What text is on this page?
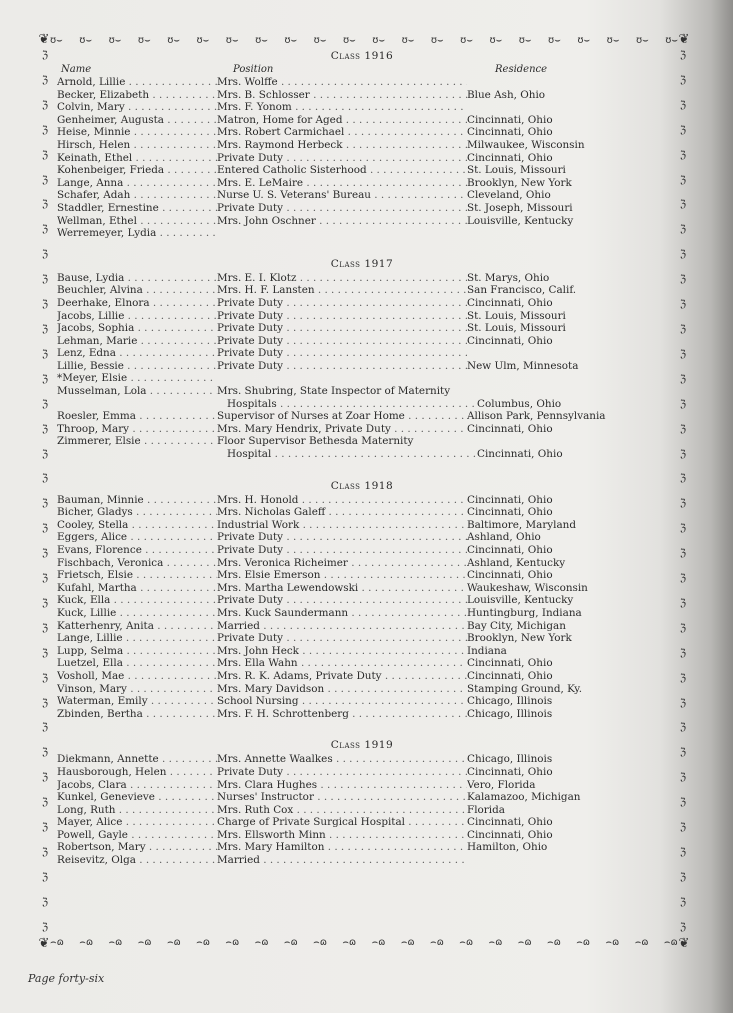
❦	❦
❦	❦
ʊ⌣ ʊ⌣ ʊ⌣ ʊ⌣ ʊ⌣ ʊ⌣ ʊ⌣ ʊ⌣ ʊ⌣ ʊ⌣ ʊ⌣ ʊ⌣ ʊ⌣ ʊ⌣ ʊ⌣ ʊ⌣ ʊ⌣ ʊ⌣ ʊ⌣ ʊ⌣ ʊ⌣ ʊ⌣
⌢ɷ ⌢ɷ ⌢ɷ ⌢ɷ ⌢ɷ ⌢ɷ ⌢ɷ ⌢ɷ ⌢ɷ ⌢ɷ ⌢ɷ ⌢ɷ ⌢ɷ ⌢ɷ ⌢ɷ ⌢ɷ ⌢ɷ ⌢ɷ ⌢ɷ ⌢ɷ ⌢ɷ ⌢ɷ
ℨ
ℨ
ℨ
ℨ
ℨ
ℨ
ℨ
ℨ
ℨ
ℨ
ℨ
ℨ
ℨ
ℨ
ℨ
ℨ
ℨ
ℨ
ℨ
ℨ
ℨ
ℨ
ℨ
ℨ
ℨ
ℨ
ℨ
ℨ
ℨ
ℨ
ℨ
ℨ
ℨ
ℨ
ℨ
ℨ
ℨ
ℨ
ℨ
ℨ
ℨ
ℨ
ℨ
ℨ
ℨ
ℨ
ℨ
ℨ
ℨ
ℨ
ℨ
ℨ
ℨ
ℨ
ℨ
ℨ
ℨ
ℨ
ℨ
ℨ
ℨ
ℨ
ℨ
ℨ
ℨ
ℨ
ℨ
ℨ
ℨ
ℨ
ℨ
ℨ
Class 1916
Name	Position	Residence
Arnold, Lillie . . .	Mrs. Wolffe . . .
Becker, Elizabeth . . .	Mrs. B. Schlosser . . .	Blue Ash, Ohio
Colvin, Mary . . .	Mrs. F. Yonom . . .
Genheimer, Augusta . . .	Matron, Home for Aged . . .	Cincinnati, Ohio
Heise, Minnie . . .	Mrs. Robert Carmichael . . .	Cincinnati, Ohio
Hirsch, Helen . . .	Mrs. Raymond Herbeck . . .	Milwaukee, Wisconsin
Keinath, Ethel . . .	Private Duty . . .	Cincinnati, Ohio
Kohenbeiger, Frieda . . .	Entered Catholic Sisterhood . . .	St. Louis, Missouri
Lange, Anna . . .	Mrs. E. LeMaire . . .	Brooklyn, New York
Schafer, Adah . . .	Nurse U. S. Veterans' Bureau . . .	Cleveland, Ohio
Staddler, Ernestine . . .	Private Duty . . .	St. Joseph, Missouri
Wellman, Ethel . . .	Mrs. John Oschner . . .	Louisville, Kentucky
Werremeyer, Lydia . . .
Class 1917
Bause, Lydia . . .	Mrs. E. I. Klotz . . .	St. Marys, Ohio
Beuchler, Alvina . . .	Mrs. H. F. Lansten . . .	San Francisco, Calif.
Deerhake, Elnora . . .	Private Duty . . .	Cincinnati, Ohio
Jacobs, Lillie . . .	Private Duty . . .	St. Louis, Missouri
Jacobs, Sophia . . .	Private Duty . . .	St. Louis, Missouri
Lehman, Marie . . .	Private Duty . . .	Cincinnati, Ohio
Lenz, Edna . . .	Private Duty . . .
Lillie, Bessie . . .	Private Duty . . .	New Ulm, Minnesota
*Meyer, Elsie . . .
Musselman, Lola . . .	Mrs. Shubring, State Inspector of Maternity
Hospitals . . .	Columbus, Ohio
Roesler, Emma . . .	Supervisor of Nurses at Zoar Home . . .	Allison Park, Pennsylvania
Throop, Mary . . .	Mrs. Mary Hendrix, Private Duty . . .	Cincinnati, Ohio
Zimmerer, Elsie . . .	Floor Supervisor Bethesda Maternity
Hospital . . .	Cincinnati, Ohio
Class 1918
Bauman, Minnie . . .	Mrs. H. Honold . . .	Cincinnati, Ohio
Bicher, Gladys . . .	Mrs. Nicholas Galeff . . .	Cincinnati, Ohio
Cooley, Stella . . .	Industrial Work . . .	Baltimore, Maryland
Eggers, Alice . . .	Private Duty . . .	Ashland, Ohio
Evans, Florence . . .	Private Duty . . .	Cincinnati, Ohio
Fischbach, Veronica . . .	Mrs. Veronica Richeimer . . .	Ashland, Kentucky
Frietsch, Elsie . . .	Mrs. Elsie Emerson . . .	Cincinnati, Ohio
Kufahl, Martha . . .	Mrs. Martha Lewendowski . . .	Waukeshaw, Wisconsin
Kuck, Ella . . .	Private Duty . . .	Louisville, Kentucky
Kuck, Lillie . . .	Mrs. Kuck Saundermann . . .	Huntingburg, Indiana
Katterhenry, Anita . . .	Married . . .	Bay City, Michigan
Lange, Lillie . . .	Private Duty . . .	Brooklyn, New York
Lupp, Selma . . .	Mrs. John Heck . . .	Indiana
Luetzel, Ella . . .	Mrs. Ella Wahn . . .	Cincinnati, Ohio
Vosholl, Mae . . .	Mrs. R. K. Adams, Private Duty . . .	Cincinnati, Ohio
Vinson, Mary . . .	Mrs. Mary Davidson . . .	Stamping Ground, Ky.
Waterman, Emily . . .	School Nursing . . .	Chicago, Illinois
Zbinden, Bertha . . .	Mrs. F. H. Schrottenberg . . .	Chicago, Illinois
Class 1919
Diekmann, Annette . . .	Mrs. Annette Waalkes . . .	Chicago, Illinois
Hausborough, Helen . . .	Private Duty . . .	Cincinnati, Ohio
Jacobs, Clara . . .	Mrs. Clara Hughes . . .	Vero, Florida
Kunkel, Genevieve . . .	Nurses' Instructor . . .	Kalamazoo, Michigan
Long, Ruth . . .	Mrs. Ruth Cox . . .	Florida
Mayer, Alice . . .	Charge of Private Surgical Hospital . . .	Cincinnati, Ohio
Powell, Gayle . . .	Mrs. Ellsworth Minn . . .	Cincinnati, Ohio
Robertson, Mary . . .	Mrs. Mary Hamilton . . .	Hamilton, Ohio
Reisevitz, Olga . . .	Married . . .
Page forty-six
